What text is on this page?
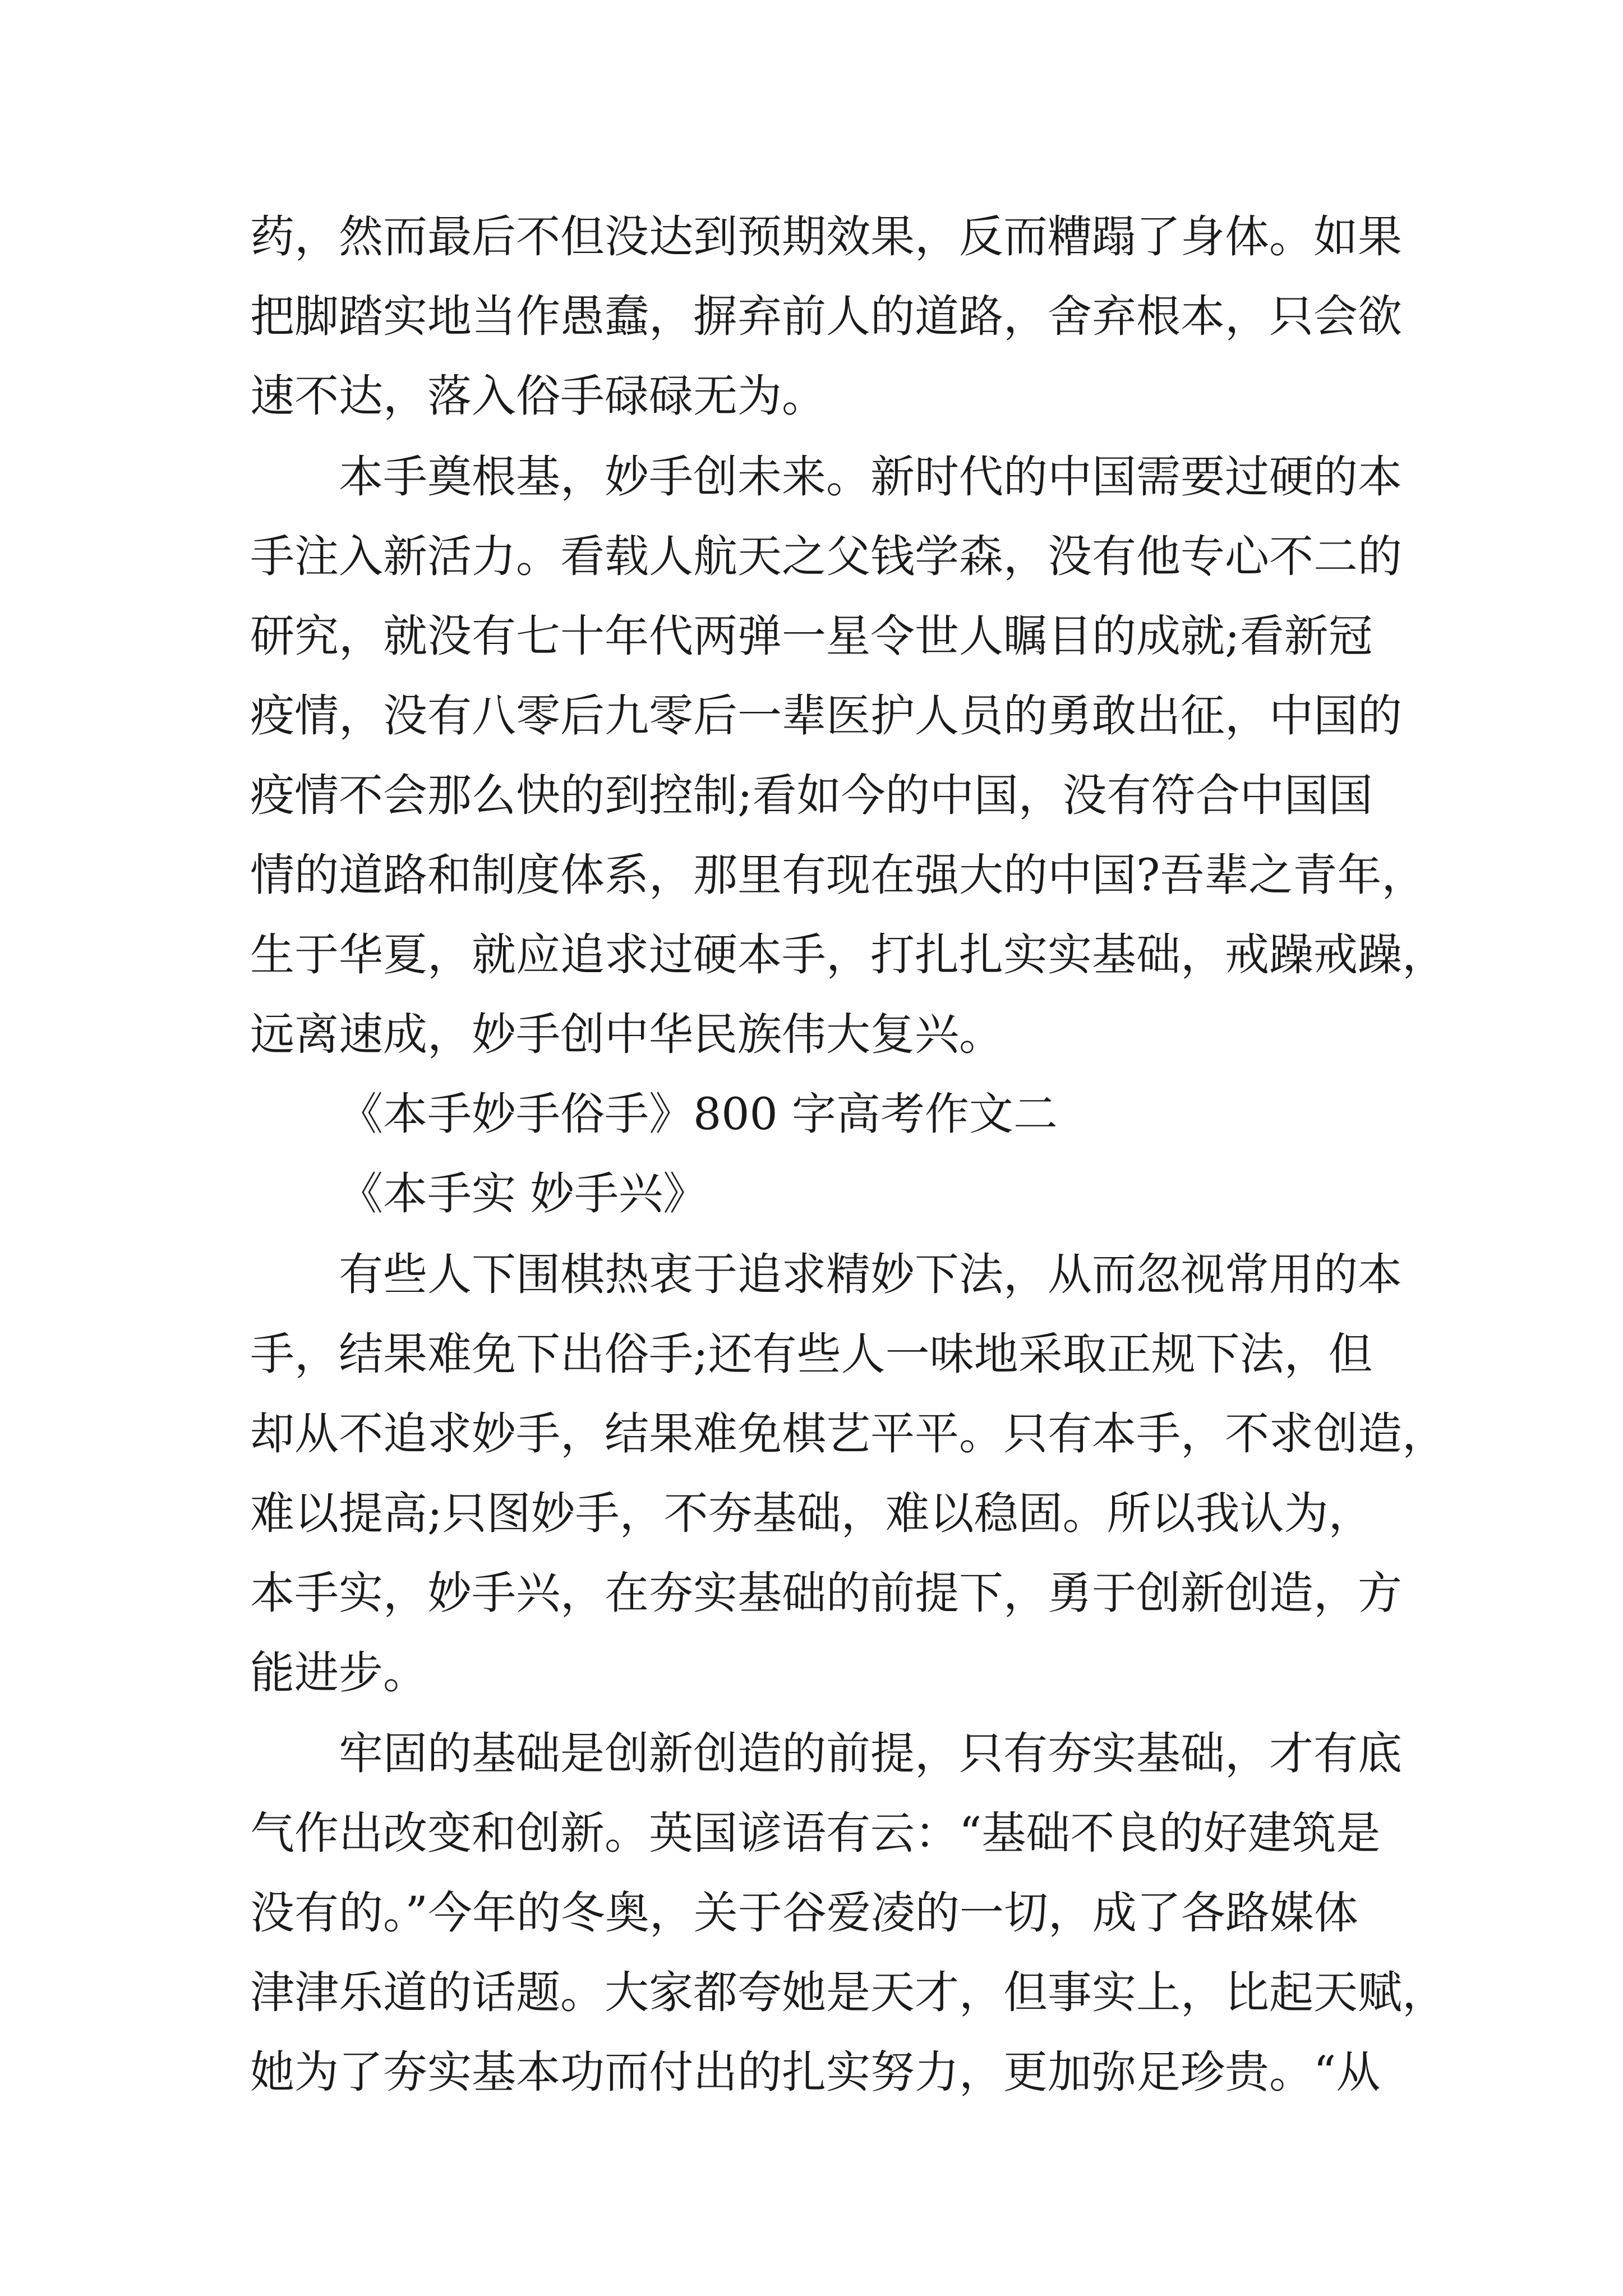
药，然而最后不但没达到预期效果，反而糟蹋了身体。如果

把脚踏实地当作愚蠢，摒弃前人的道路，舍弃根本，只会欲

速不达，落入俗手碌碌无为。

本手奠根基，妙手创未来。新时代的中国需要过硬的本

手注入新活力。看载人航天之父钱学森，没有他专心不二的

研究，就没有七十年代两弹一星令世人瞩目的成就;看新冠

疫情，没有八零后九零后一辈医护人员的勇敢出征，中国的

疫情不会那么快的到控制;看如今的中国，没有符合中国国

情的道路和制度体系，那里有现在强大的中国?吾辈之青年，

生于华夏，就应追求过硬本手，打扎扎实实基础，戒躁戒躁，

远离速成，妙手创中华民族伟大复兴。

《本手妙手俗手》800 字高考作文二

《本手实 妙手兴》

有些人下围棋热衷于追求精妙下法，从而忽视常用的本

手，结果难免下出俗手;还有些人一味地采取正规下法，但

却从不追求妙手，结果难免棋艺平平。只有本手，不求创造，

难以提高;只图妙手，不夯基础，难以稳固。所以我认为，

本手实，妙手兴，在夯实基础的前提下，勇于创新创造，方

能进步。

牢固的基础是创新创造的前提，只有夯实基础，才有底

气作出改变和创新。英国谚语有云：“基础不良的好建筑是

没有的。”今年的冬奥，关于谷爱凌的一切，成了各路媒体

津津乐道的话题。大家都夸她是天才，但事实上，比起天赋，

她为了夯实基本功而付出的扎实努力，更加弥足珍贵。“从
